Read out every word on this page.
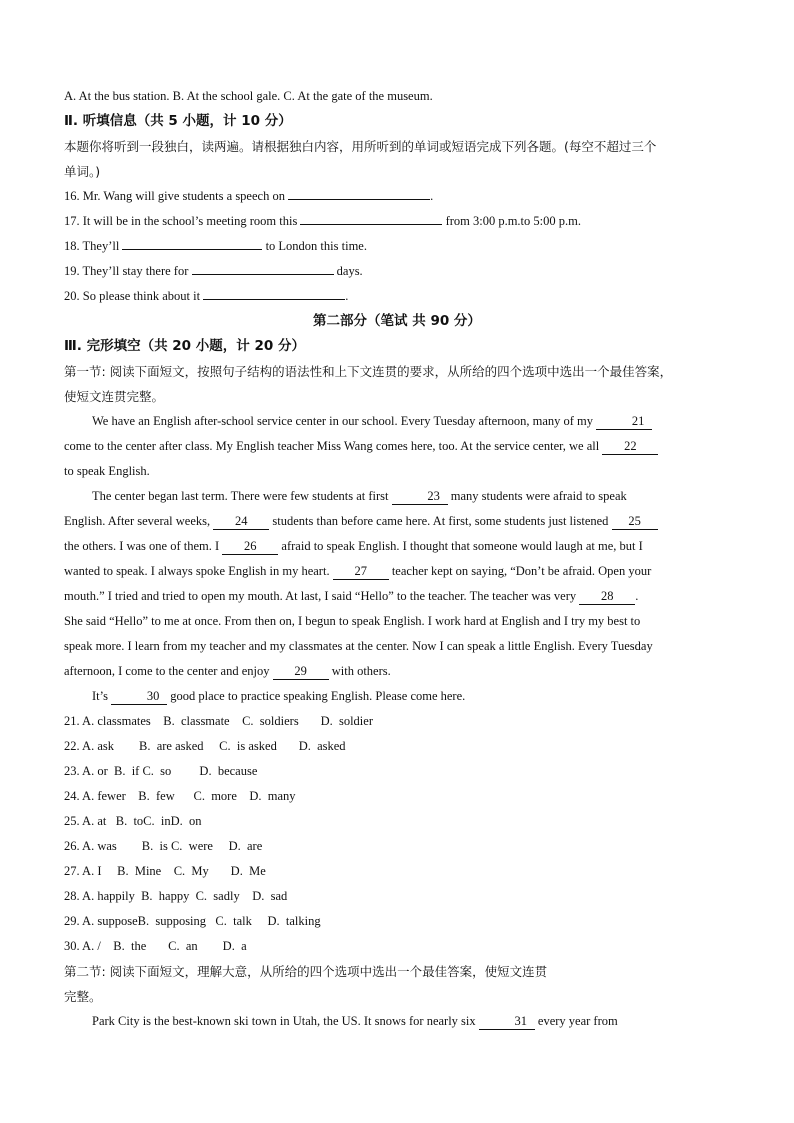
A. At the bus station. B. At the school gale. C. At the gate of the museum.
Ⅱ. 听填信息（共 5 小题，计 10 分）
本题你将听到一段独白，读两遍。请根据独白内容，用所听到的单词或短语完成下列各题。(每空不超过三个
单词。)
16. Mr. Wang will give students a speech on	.
17. It will be in the school’s meeting room this	from 3:00 p.m.to 5:00 p.m.
18. They’ll	to London this time.
19. They’ll stay there for	days.
20. So please think about it	.
第二部分（笔试 共 90 分）
Ⅲ. 完形填空（共 20 小题，计 20 分）
第一节: 阅读下面短文，按照句子结构的语法性和上下文连贯的要求，从所给的四个选项中选出一个最佳答案，
使短文连贯完整。
We have an English after-school service center in our school. Every Tuesday afternoon, many of my	21
come to the center after class. My English teacher Miss Wang comes here, too. At the service center, we all 22
to speak English.
The center began last term. There were few students at first	23 many students were afraid to speak
English. After several weeks, 24 students than before came here. At first, some students just listened 25
the others. I was one of them. I 26 afraid to speak English. I thought that someone would laugh at me, but I
wanted to speak. I always spoke English in my heart. 27 teacher kept on saying, “Don’t be afraid. Open your
mouth.” I tried and tried to open my mouth. At last, I said “Hello” to the teacher. The teacher was very 28 .
She said “Hello” to me at once. From then on, I begun to speak English. I work hard at English and I try my best to
speak more. I learn from my teacher and my classmates at the center. Now I can speak a little English. Every Tuesday
afternoon, I come to the center and enjoy 29 with others.
It’s	30 good place to practice speaking English. Please come here.
21. A. classmates    B.  classmate    C.  soldiers       D.  soldier
22. A. ask        B.  are asked     C.  is asked       D.  asked
23. A. or  B.  if C.  so         D.  because
24. A. fewer    B.  few      C.  more    D.  many
25. A. at   B.  toC.  inD.  on
26. A. was        B.  is C.  were     D.  are
27. A. I     B.  Mine    C.  My       D.  Me
28. A. happily  B.  happy  C.  sadly    D.  sad
29. A. supposeB.  supposing   C.  talk     D.  talking
30. A. /    B.  the       C.  an        D.  a
第二节: 阅读下面短文，理解大意，从所给的四个选项中选出一个最佳答案，使短文连贯
完整。
Park City is the best-known ski town in Utah, the US. It snows for nearly six	31 every year from
